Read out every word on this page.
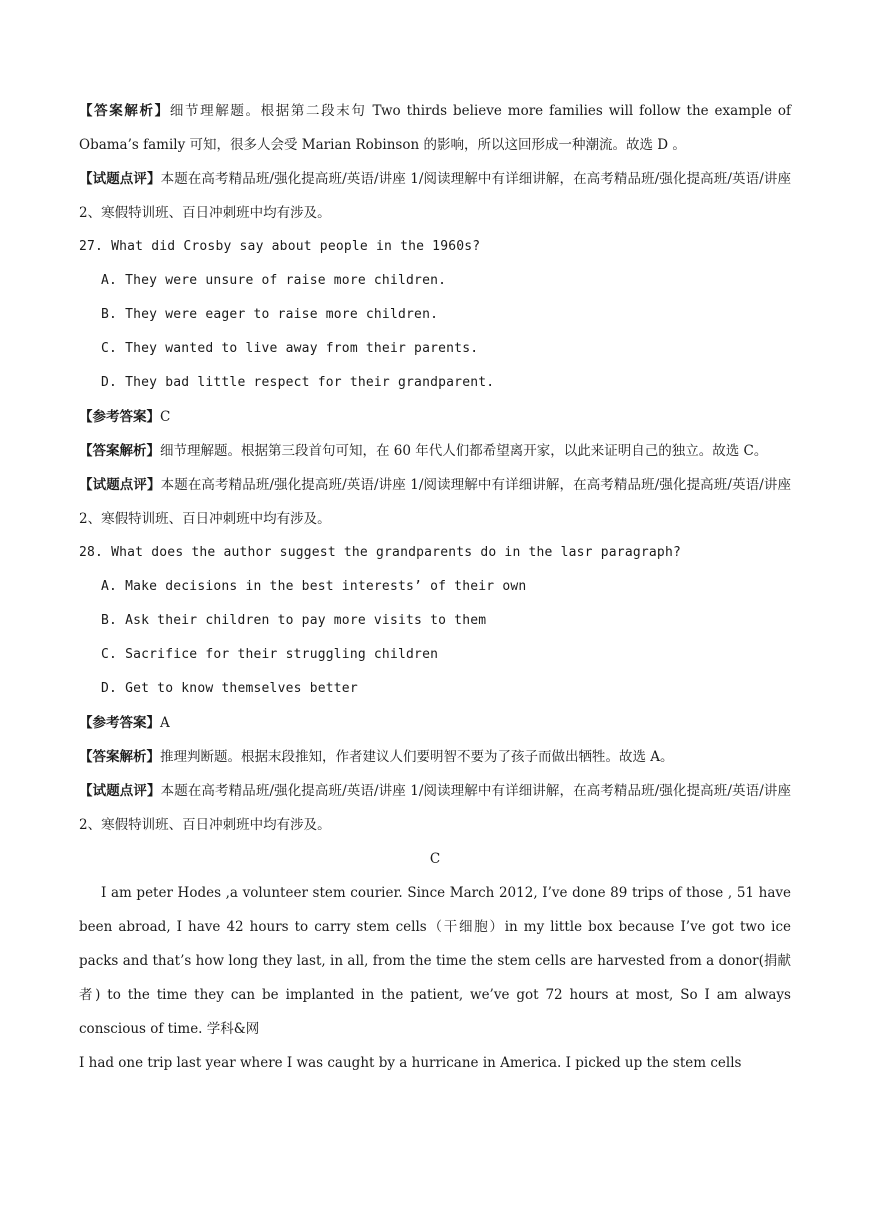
【答案解析】细节理解题。根据第二段末句 Two thirds believe more families will follow the example of Obama’s family 可知，很多人会受 Marian Robinson 的影响，所以这回形成一种潮流。故选 D 。
【试题点评】本题在高考精品班/强化提高班/英语/讲座 1/阅读理解中有详细讲解，在高考精品班/强化提高班/英语/讲座 2、寒假特训班、百日冲刺班中均有涉及。
27. What did Crosby say about people in the 1960s?
A. They were unsure of raise more children.
B. They were eager to raise more children.
C. They wanted to live away from their parents.
D. They bad little respect for their grandparent.
【参考答案】C
【答案解析】细节理解题。根据第三段首句可知，在 60 年代人们都希望离开家，以此来证明自己的独立。故选 C。
【试题点评】本题在高考精品班/强化提高班/英语/讲座 1/阅读理解中有详细讲解，在高考精品班/强化提高班/英语/讲座 2、寒假特训班、百日冲刺班中均有涉及。
28. What does the author suggest the grandparents do in the lasr paragraph?
A. Make decisions in the best interests’ of their own
B. Ask their children to pay more visits to them
C. Sacrifice for their struggling children
D. Get to know themselves better
【参考答案】A
【答案解析】推理判断题。根据末段推知，作者建议人们要明智不要为了孩子而做出牺牲。故选 A。
【试题点评】本题在高考精品班/强化提高班/英语/讲座 1/阅读理解中有详细讲解，在高考精品班/强化提高班/英语/讲座 2、寒假特训班、百日冲刺班中均有涉及。
C
I am peter Hodes ,a volunteer stem courier. Since March 2012, I’ve done 89 trips of those , 51 have been abroad, I have 42 hours to carry stem cells（干细胞）in my little box because I’ve got two ice packs and that’s how long they last, in all, from the time the stem cells are harvested from a donor(捐献者) to the time they can be implanted in the patient, we’ve got 72 hours at most, So I am always conscious of time. 学科&网
I had one trip last year where I was caught by a hurricane in America. I picked up the stem cells
